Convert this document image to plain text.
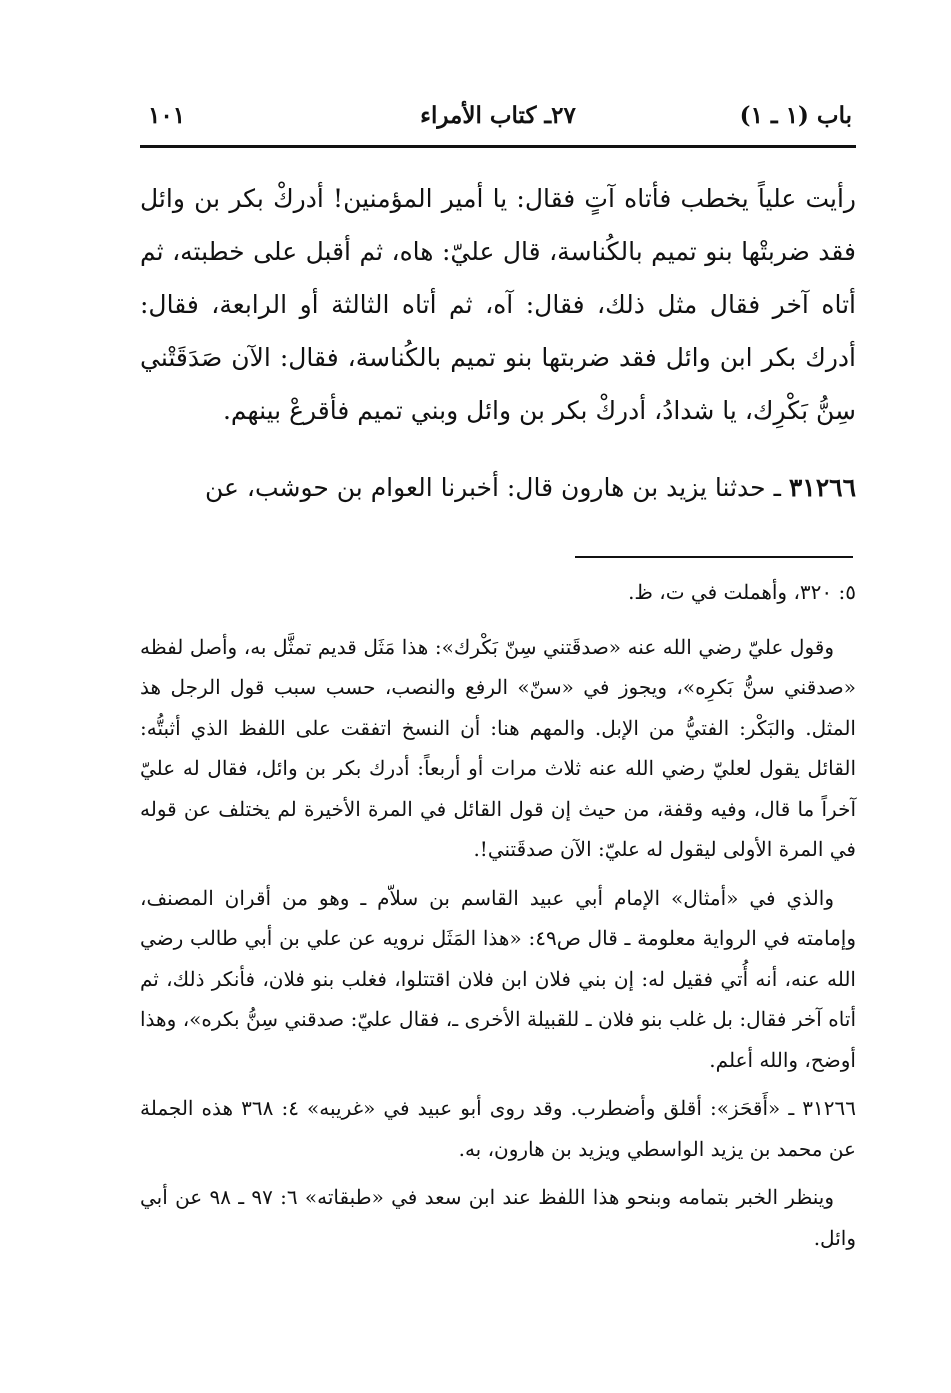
١٠١	٢٧ـ كتاب الأمراء	باب (١ ـ ١)

رأيت علياً يخطب فأتاه آتٍ فقال: يا أمير المؤمنين! أدركْ بكر بن وائل فقد ضربتْها بنو تميم بالكُناسة، قال عليّ: هاه، ثم أقبل على خطبته، ثم أتاه آخر فقال مثل ذلك، فقال: آه، ثم أتاه الثالثة أو الرابعة، فقال: أدرك بكر ابن وائل فقد ضربتها بنو تميم بالكُناسة، فقال: الآن صَدَقَتْني سِنُّ بَكْرِك، يا شدادُ، أدركْ بكر بن وائل وبني تميم فأقرعْ بينهم.

٣١٢٦٦ ـ حدثنا يزيد بن هارون قال: أخبرنا العوام بن حوشب، عن

٥: ٣٢٠، وأهملت في ت، ظ.

وقول عليّ رضي الله عنه «صدقَتني سِنّ بَكْرك»: هذا مَثَل قديم تمثَّل به، وأصل لفظه «صدقني سنُّ بَكرِه»، ويجوز في «سنّ» الرفع والنصب، حسب سبب قول الرجل هذ المثل. والبَكْر: الفتيُّ من الإبل. والمهم هنا: أن النسخ اتفقت على اللفظ الذي أثبتُّه: القائل يقول لعليّ رضي الله عنه ثلاث مرات أو أربعاً: أدرك بكر بن وائل، فقال له عليّ آخراً ما قال، وفيه وقفة، من حيث إن قول القائل في المرة الأخيرة لم يختلف عن قوله في المرة الأولى ليقول له عليّ: الآن صدقَتني!.

والذي في «أمثال» الإمام أبي عبيد القاسم بن سلاّم ـ وهو من أقران المصنف، وإمامته في الرواية معلومة ـ قال ص٤٩: «هذا المَثَل نرويه عن علي بن أبي طالب رضي الله عنه، أنه أُتي فقيل له: إن بني فلان ابن فلان اقتتلوا، فغلب بنو فلان، فأنكر ذلك، ثم أتاه آخر فقال: بل غلب بنو فلان ـ للقبيلة الأخرى ـ، فقال عليّ: صدقني سِنُّ بكره»، وهذا أوضح، والله أعلم.

٣١٢٦٦ ـ «أَقحَز»: أقلق وأضطرب. وقد روى أبو عبيد في «غريبه» ٤: ٣٦٨ هذه الجملة عن محمد بن يزيد الواسطي ويزيد بن هارون، به.

وينظر الخبر بتمامه وبنحو هذا اللفظ عند ابن سعد في «طبقاته» ٦: ٩٧ ـ ٩٨ عن أبي وائل.
